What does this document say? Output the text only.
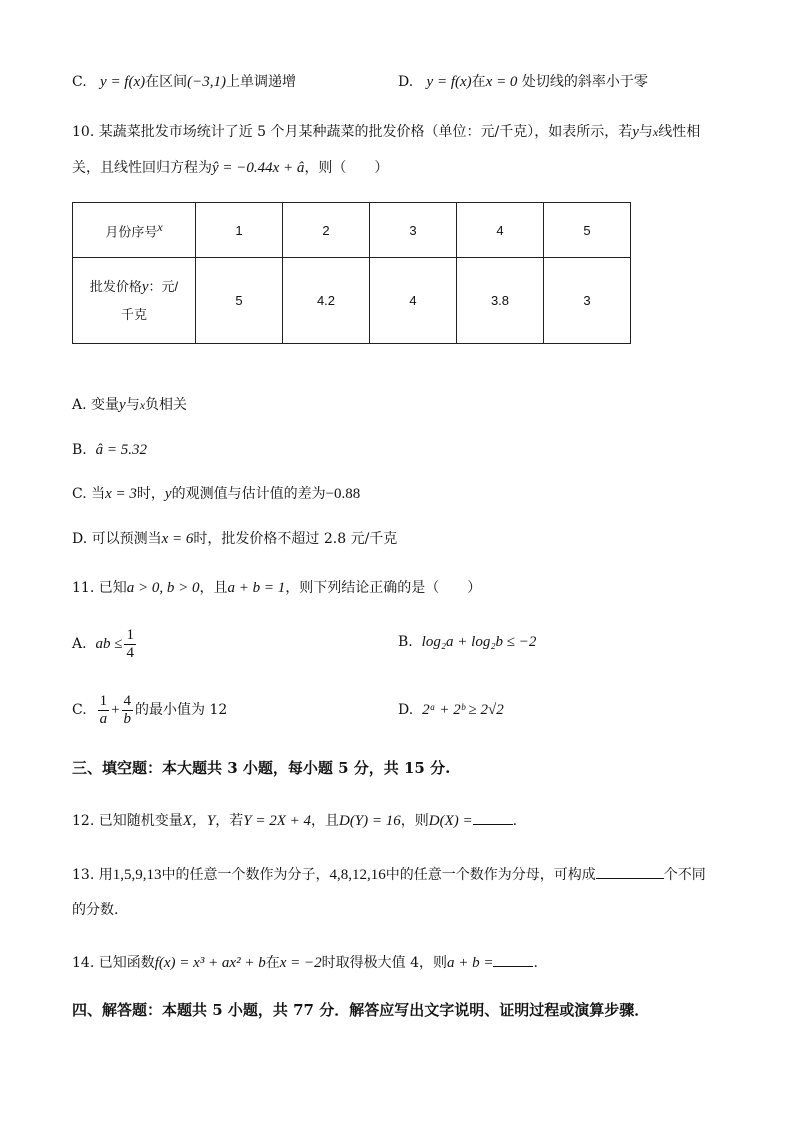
C. y = f(x)在区间(−3,1)上单调递增	D. y = f(x)在x = 0 处切线的斜率小于零
10. 某蔬菜批发市场统计了近 5 个月某种蔬菜的批发价格（单位：元/千克），如表所示，若y与x线性相
关，且线性回归方程为ŷ = −0.44x + â，则（　　）
月份序号x	1	2	3	4	5
批发价格y：元/
千克	5	4.2	4	3.8	3
A. 变量y与x负相关
B. â = 5.32
C. 当x = 3时，y的观测值与估计值的差为−0.88
D. 可以预测当x = 6时，批发价格不超过 2.8 元/千克
11. 已知a > 0, b > 0，且a + b = 1，则下列结论正确的是（　　）
A. ab ≤ $\frac{1}{4}$	B. log₂a + log₂b ≤ −2
C. $\frac{1}{a} + \frac{4}{b}$ 的最小值为 12	D. 2ᵃ + 2ᵇ ≥ 2√2
三、填空题：本大题共 3 小题，每小题 5 分，共 15 分.
12. 已知随机变量X，Y，若Y = 2X + 4，且D(Y) = 16，则D(X) =	.
13. 用1,5,9,13中的任意一个数作为分子，4,8,12,16中的任意一个数作为分母，可构成	个不同
的分数.
14. 已知函数f(x) = x³ + ax² + b在x = −2时取得极大值 4，则a + b =	.
四、解答题：本题共 5 小题，共 77 分．解答应写出文字说明、证明过程或演算步骤．
